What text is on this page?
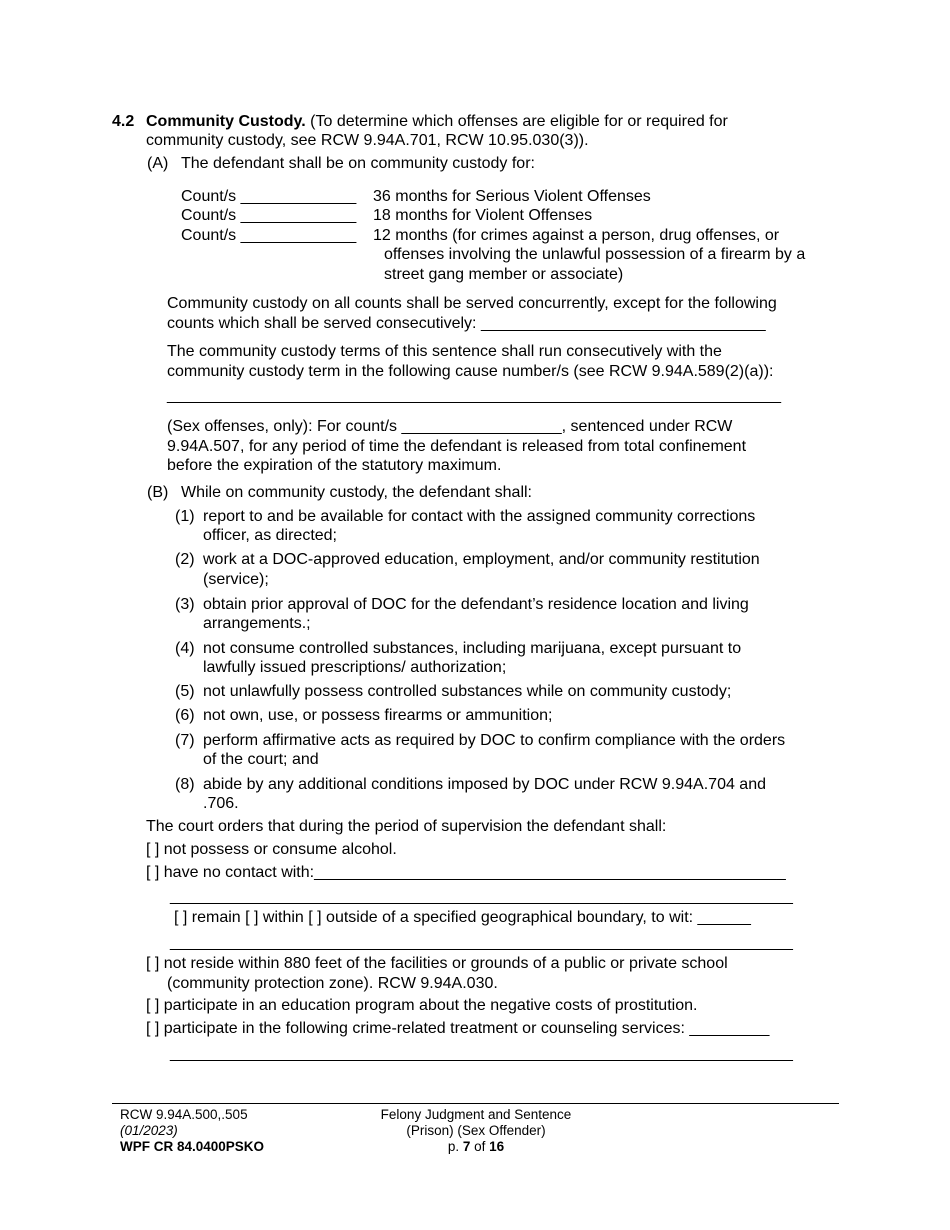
4.2 Community Custody. (To determine which offenses are eligible for or required for
community custody, see RCW 9.94A.701, RCW 10.95.030(3)).
(A) The defendant shall be on community custody for:
Count/s _____________ 36 months for Serious Violent Offenses
Count/s _____________ 18 months for Violent Offenses
Count/s _____________ 12 months (for crimes against a person, drug offenses, or
offenses involving the unlawful possession of a firearm by a
street gang member or associate)
Community custody on all counts shall be served concurrently, except for the following
counts which shall be served consecutively: ________________________________
The community custody terms of this sentence shall run consecutively with the
community custody term in the following cause number/s (see RCW 9.94A.589(2)(a)):
_____________________________________________________________________
(Sex offenses, only): For count/s __________________, sentenced under RCW
9.94A.507, for any period of time the defendant is released from total confinement
before the expiration of the statutory maximum.
(B) While on community custody, the defendant shall:
(1) report to and be available for contact with the assigned community corrections
officer, as directed;
(2) work at a DOC-approved education, employment, and/or community restitution
(service);
(3) obtain prior approval of DOC for the defendant’s residence location and living
arrangements.;
(4) not consume controlled substances, including marijuana, except pursuant to
lawfully issued prescriptions/ authorization;
(5) not unlawfully possess controlled substances while on community custody;
(6) not own, use, or possess firearms or ammunition;
(7) perform affirmative acts as required by DOC to confirm compliance with the orders
of the court; and
(8) abide by any additional conditions imposed by DOC under RCW 9.94A.704 and
.706.
The court orders that during the period of supervision the defendant shall:
[ ] not possess or consume alcohol.
[ ] have no contact with:_____________________________________________________
______________________________________________________________________
[ ] remain [ ] within [ ] outside of a specified geographical boundary, to wit: ______
______________________________________________________________________
[ ] not reside within 880 feet of the facilities or grounds of a public or private school
(community protection zone). RCW 9.94A.030.
[ ] participate in an education program about the negative costs of prostitution.
[ ] participate in the following crime-related treatment or counseling services: _________
______________________________________________________________________
RCW 9.94A.500,.505
(01/2023)
WPF CR 84.0400PSKO
Felony Judgment and Sentence
(Prison) (Sex Offender)
p. 7 of 16
